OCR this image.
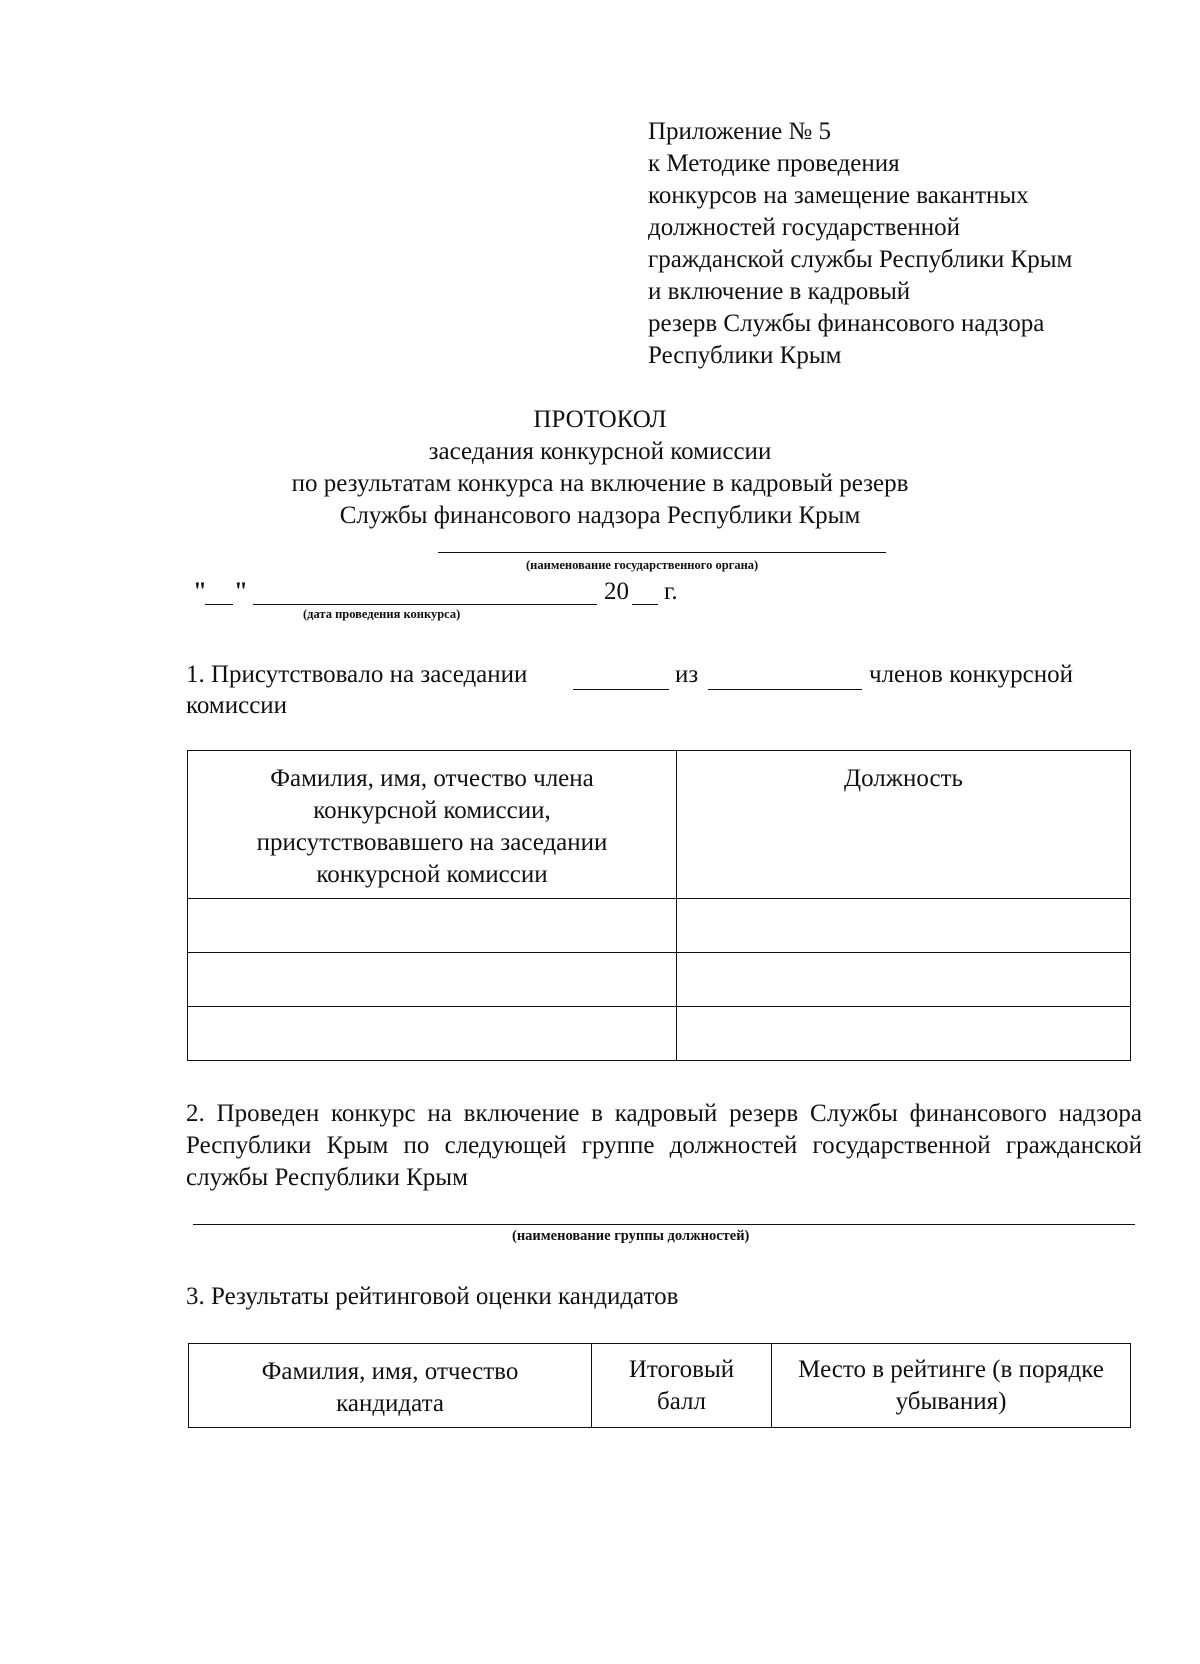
Приложение № 5
к Методике проведения
конкурсов на замещение вакантных
должностей государственной
гражданской службы Республики Крым
и включение в кадровый
резерв Службы финансового надзора
Республики Крым
ПРОТОКОЛ
заседания конкурсной комиссии
по результатам конкурса на включение в кадровый резерв
Службы финансового надзора Республики Крым
(наименование государственного органа)
" "	20 г.
(дата проведения конкурса)
1. Присутствовало на заседании	из	членов конкурсной
комиссии
Фамилия, имя, отчество члена конкурсной комиссии, присутствовавшего на заседании конкурсной комиссии	Должность

2. Проведен конкурс на включение в кадровый резерв Службы финансового надзора Республики Крым по следующей группе должностей государственной гражданской службы Республики Крым
(наименование группы должностей)
3. Результаты рейтинговой оценки кандидатов
Фамилия, имя, отчество кандидата	Итоговый балл	Место в рейтинге (в порядке убывания)
